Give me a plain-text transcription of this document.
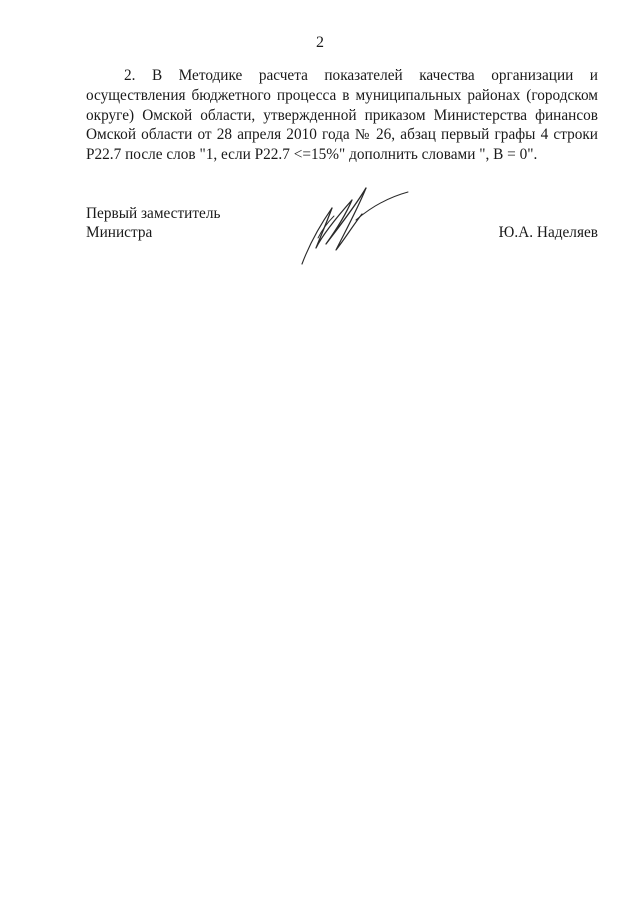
2

2. В Методике расчета показателей качества организации и осуществления бюджетного процесса в муниципальных районах (городском округе) Омской области, утвержденной приказом Министерства финансов Омской области от 28 апреля 2010 года № 26, абзац первый графы 4 строки P22.7 после слов "1, если P22.7 <=15%" дополнить словами ", В = 0".

Первый заместитель
Министра	Ю.А. Наделяев
